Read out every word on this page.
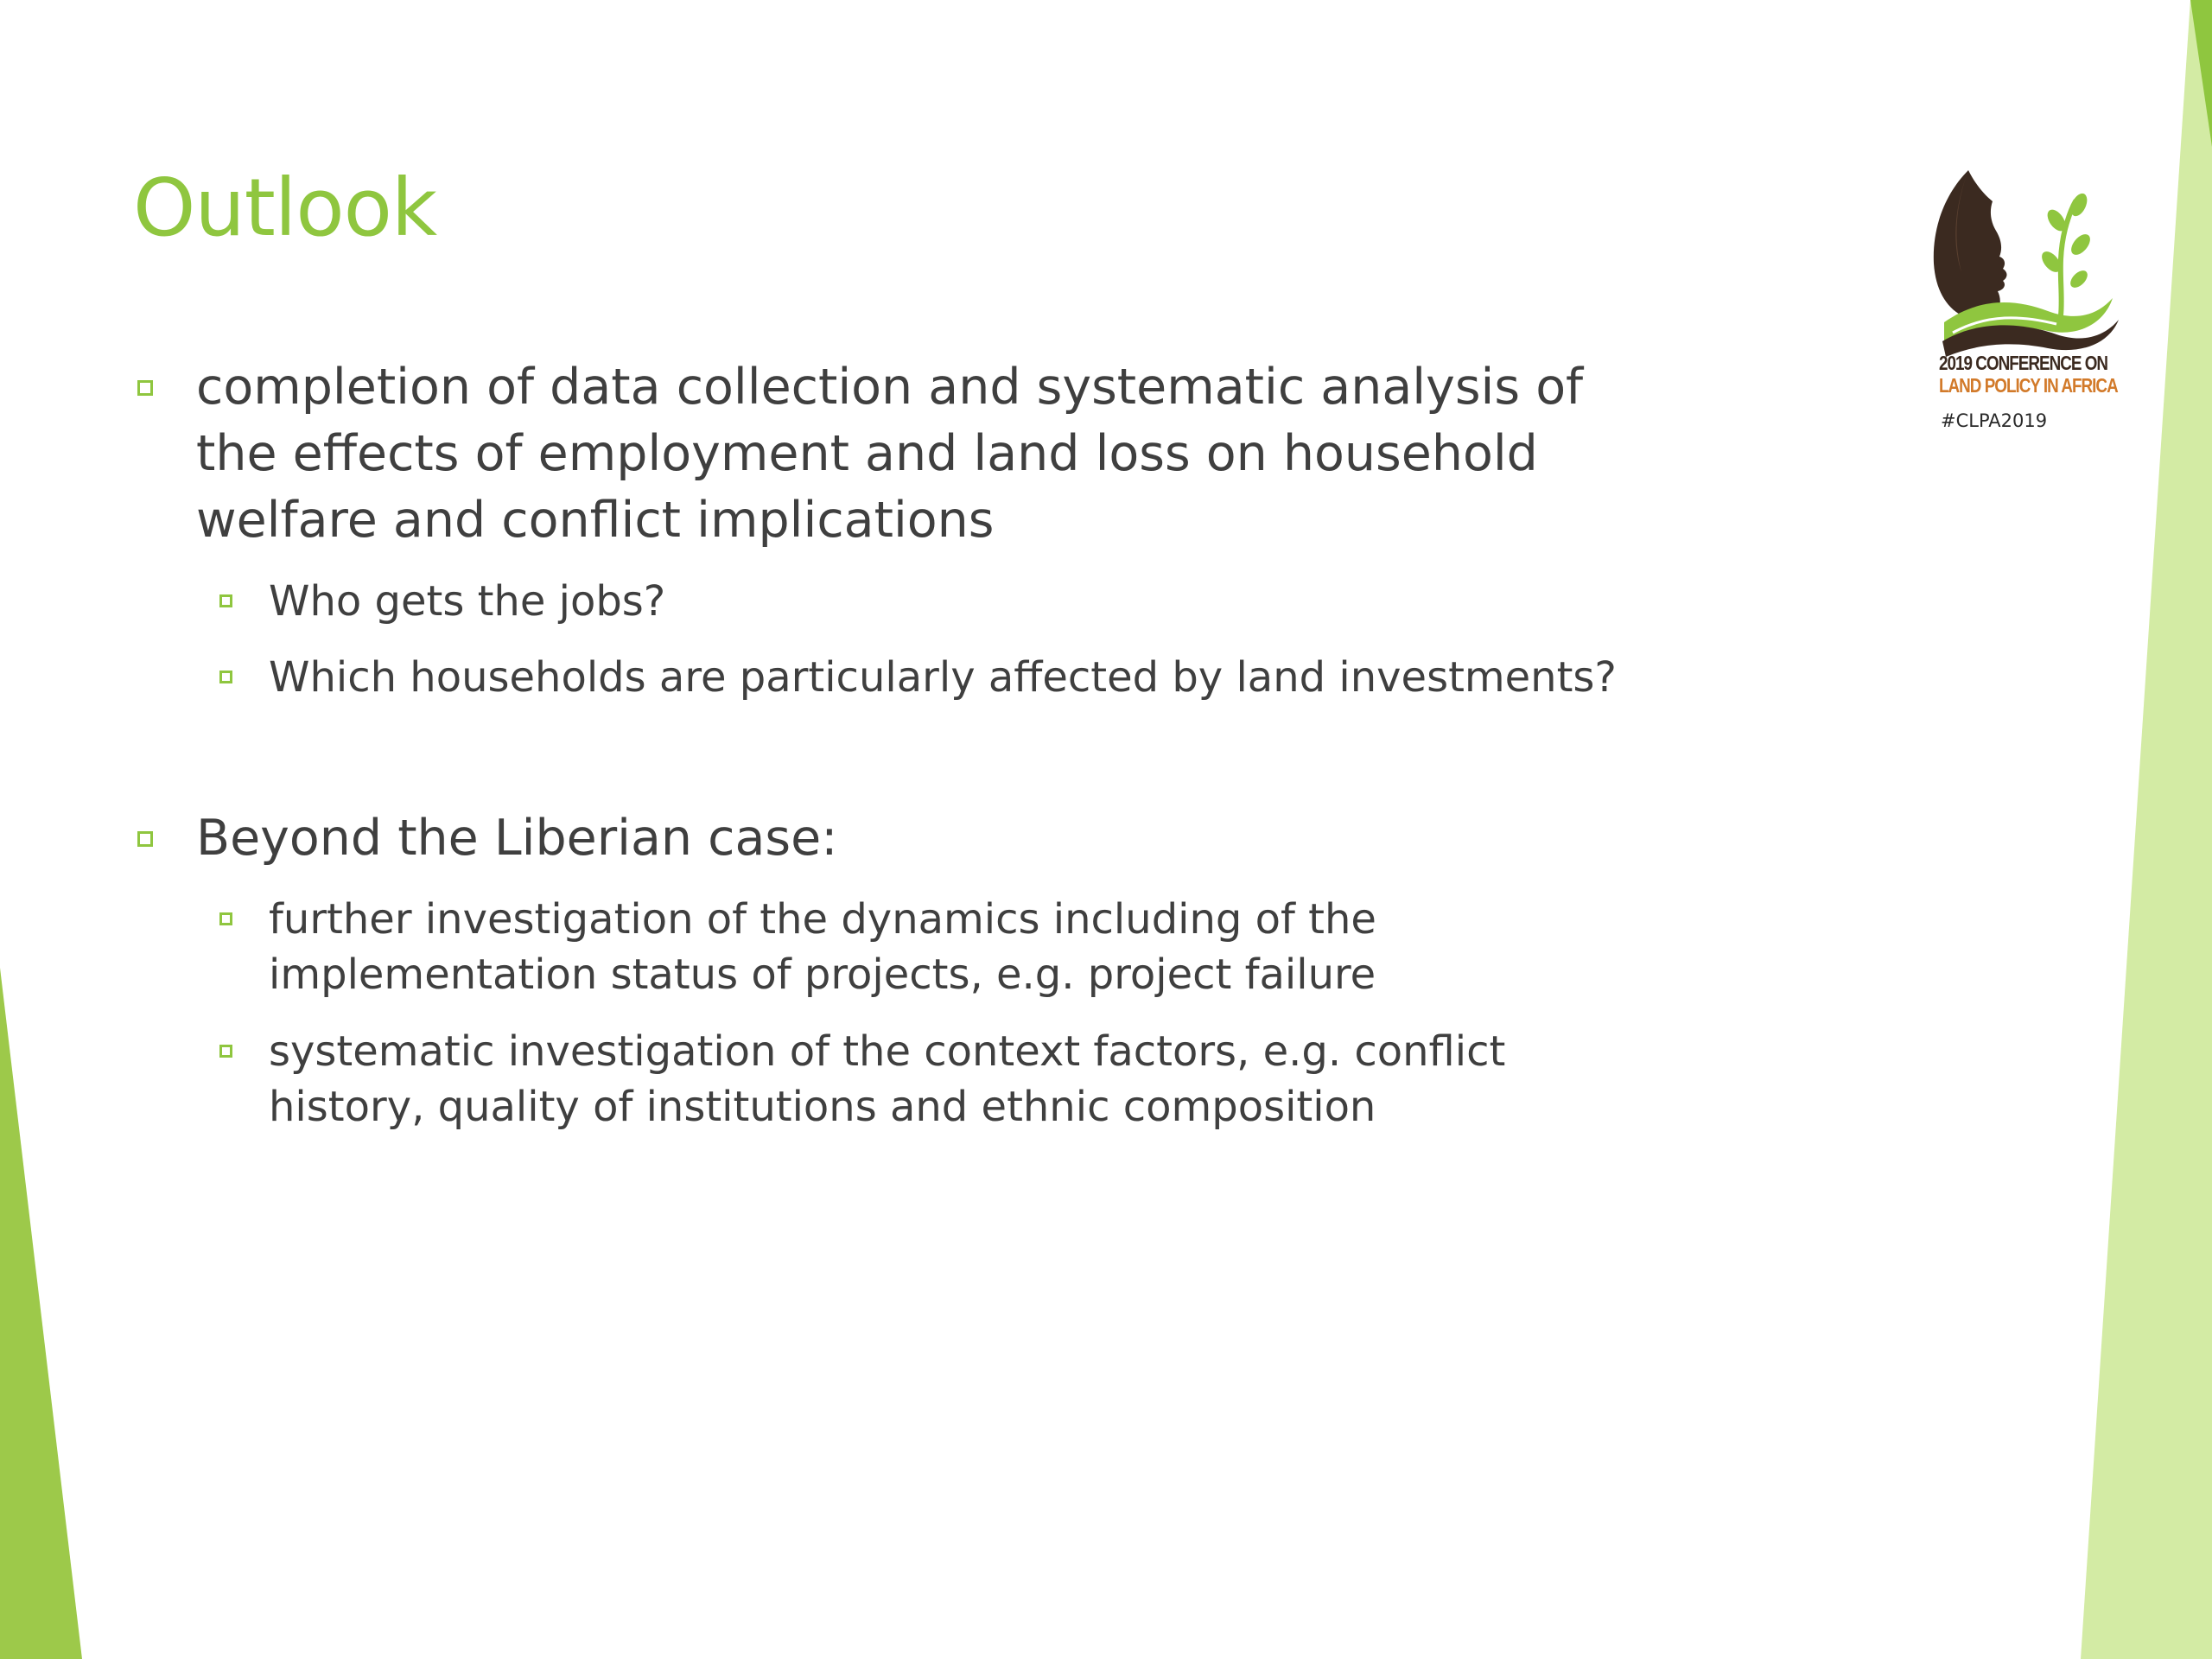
Outlook
completion of data collection and systematic analysis of
the effects of employment and land loss on household
welfare and conflict implications
Who gets the jobs?
Which households are particularly affected by land investments?
Beyond the Liberian case:
further investigation of the dynamics including of the
implementation status of projects, e.g. project failure
systematic investigation of the context factors, e.g. conflict
history, quality of institutions and ethnic composition
2019 CONFERENCE ON
LAND POLICY IN AFRICA
#CLPA2019
